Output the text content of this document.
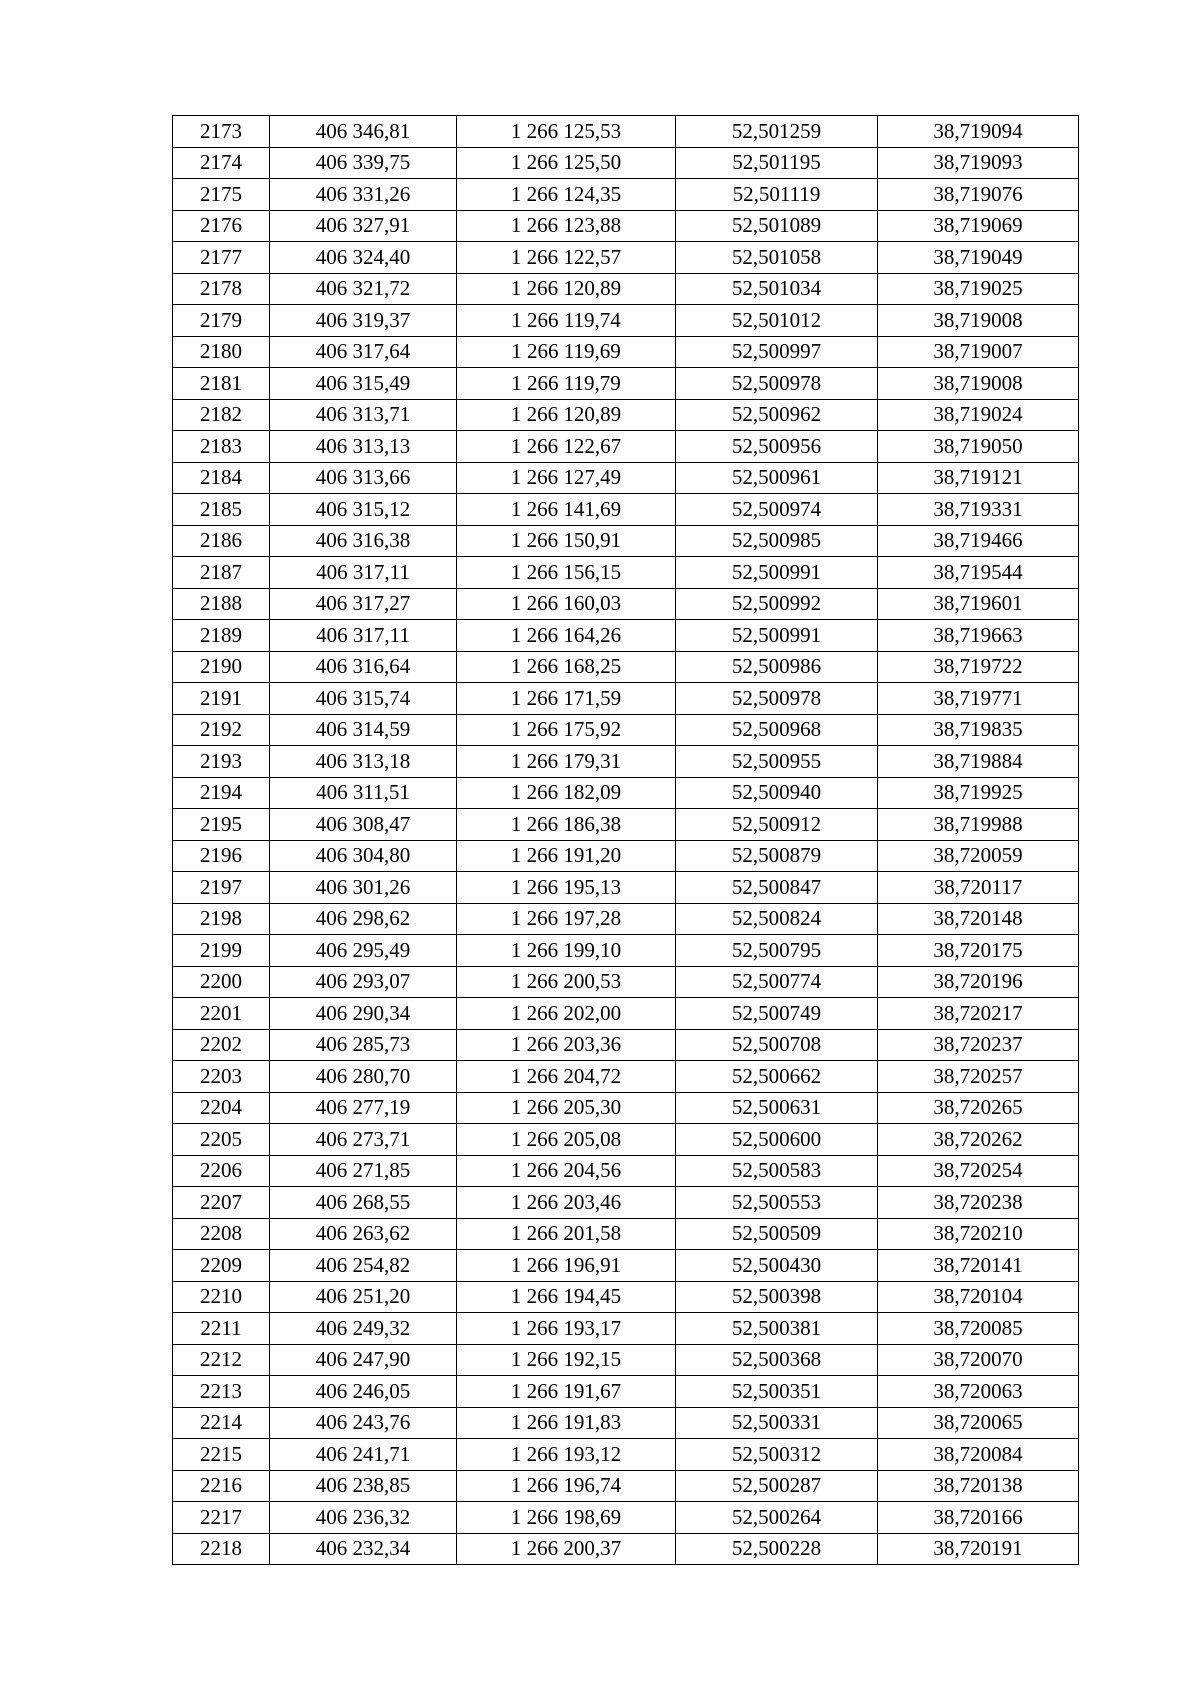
2173	406 346,81	1 266 125,53	52,501259	38,719094
2174	406 339,75	1 266 125,50	52,501195	38,719093
2175	406 331,26	1 266 124,35	52,501119	38,719076
2176	406 327,91	1 266 123,88	52,501089	38,719069
2177	406 324,40	1 266 122,57	52,501058	38,719049
2178	406 321,72	1 266 120,89	52,501034	38,719025
2179	406 319,37	1 266 119,74	52,501012	38,719008
2180	406 317,64	1 266 119,69	52,500997	38,719007
2181	406 315,49	1 266 119,79	52,500978	38,719008
2182	406 313,71	1 266 120,89	52,500962	38,719024
2183	406 313,13	1 266 122,67	52,500956	38,719050
2184	406 313,66	1 266 127,49	52,500961	38,719121
2185	406 315,12	1 266 141,69	52,500974	38,719331
2186	406 316,38	1 266 150,91	52,500985	38,719466
2187	406 317,11	1 266 156,15	52,500991	38,719544
2188	406 317,27	1 266 160,03	52,500992	38,719601
2189	406 317,11	1 266 164,26	52,500991	38,719663
2190	406 316,64	1 266 168,25	52,500986	38,719722
2191	406 315,74	1 266 171,59	52,500978	38,719771
2192	406 314,59	1 266 175,92	52,500968	38,719835
2193	406 313,18	1 266 179,31	52,500955	38,719884
2194	406 311,51	1 266 182,09	52,500940	38,719925
2195	406 308,47	1 266 186,38	52,500912	38,719988
2196	406 304,80	1 266 191,20	52,500879	38,720059
2197	406 301,26	1 266 195,13	52,500847	38,720117
2198	406 298,62	1 266 197,28	52,500824	38,720148
2199	406 295,49	1 266 199,10	52,500795	38,720175
2200	406 293,07	1 266 200,53	52,500774	38,720196
2201	406 290,34	1 266 202,00	52,500749	38,720217
2202	406 285,73	1 266 203,36	52,500708	38,720237
2203	406 280,70	1 266 204,72	52,500662	38,720257
2204	406 277,19	1 266 205,30	52,500631	38,720265
2205	406 273,71	1 266 205,08	52,500600	38,720262
2206	406 271,85	1 266 204,56	52,500583	38,720254
2207	406 268,55	1 266 203,46	52,500553	38,720238
2208	406 263,62	1 266 201,58	52,500509	38,720210
2209	406 254,82	1 266 196,91	52,500430	38,720141
2210	406 251,20	1 266 194,45	52,500398	38,720104
2211	406 249,32	1 266 193,17	52,500381	38,720085
2212	406 247,90	1 266 192,15	52,500368	38,720070
2213	406 246,05	1 266 191,67	52,500351	38,720063
2214	406 243,76	1 266 191,83	52,500331	38,720065
2215	406 241,71	1 266 193,12	52,500312	38,720084
2216	406 238,85	1 266 196,74	52,500287	38,720138
2217	406 236,32	1 266 198,69	52,500264	38,720166
2218	406 232,34	1 266 200,37	52,500228	38,720191
